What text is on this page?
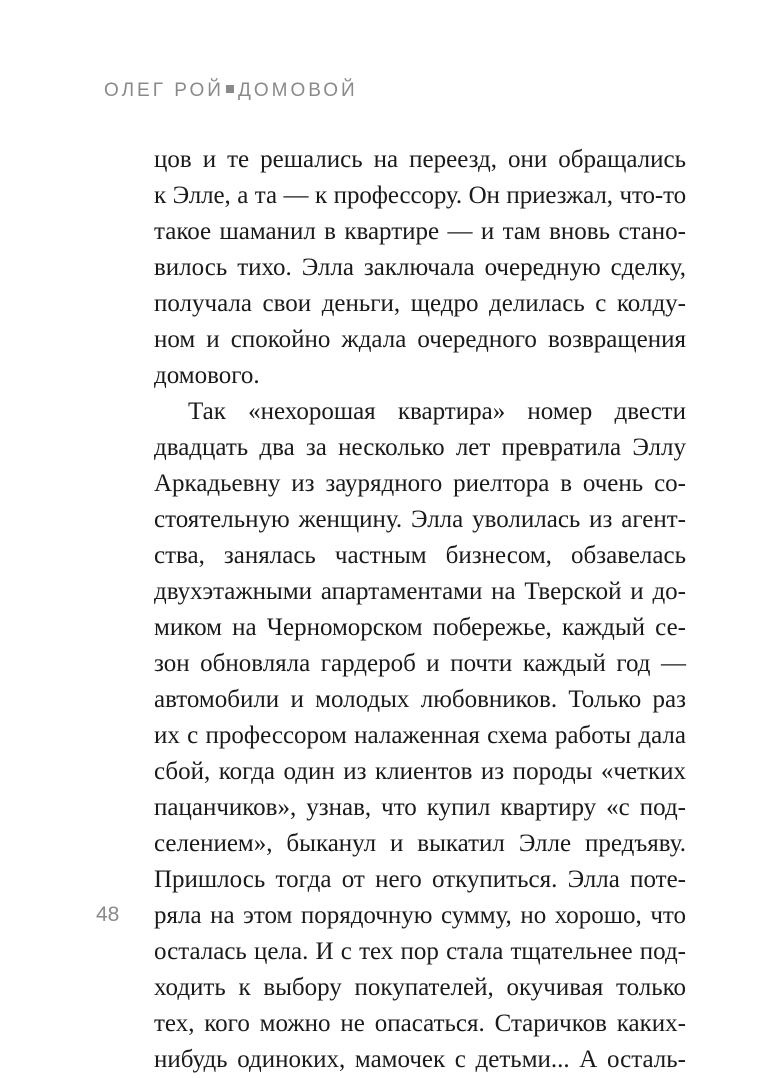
ОЛЕГ РОЙ ДОМОВОЙ
цов и те решались на переезд, они обращались
к Элле, а та — к профессору. Он приезжал, что-то
такое шаманил в квартире — и там вновь стано-
вилось тихо. Элла заключала очередную сделку,
получала свои деньги, щедро делилась с колду-
ном и спокойно ждала очередного возвращения
домового.
Так «нехорошая квартира» номер двести
двадцать два за несколько лет превратила Эллу
Аркадьевну из заурядного риелтора в очень со-
стоятельную женщину. Элла уволилась из агент-
ства, занялась частным бизнесом, обзавелась
двухэтажными апартаментами на Тверской и до-
миком на Черноморском побережье, каждый се-
зон обновляла гардероб и почти каждый год —
автомобили и молодых любовников. Только раз
их с профессором налаженная схема работы дала
сбой, когда один из клиентов из породы «четких
пацанчиков», узнав, что купил квартиру «с под-
селением», быканул и выкатил Элле предъяву.
Пришлось тогда от него откупиться. Элла поте-
ряла на этом порядочную сумму, но хорошо, что
осталась цела. И с тех пор стала тщательнее под-
ходить к выбору покупателей, окучивая только
тех, кого можно не опасаться. Старичков каких-
нибудь одиноких, мамочек с детьми... А осталь-
48
